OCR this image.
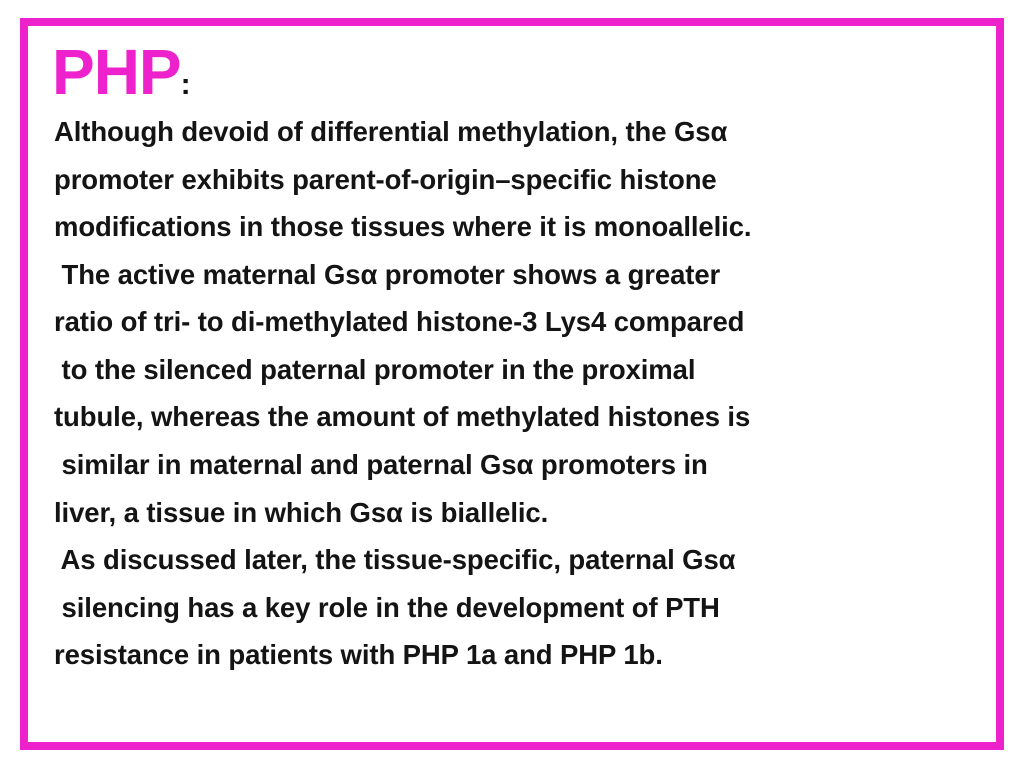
PHP:

Although devoid of differential methylation, the Gsα

promoter exhibits parent-of-origin–specific histone

modifications in those tissues where it is monoallelic.

The active maternal Gsα promoter shows a greater

ratio of tri- to di-methylated histone-3 Lys4 compared

to the silenced paternal promoter in the proximal

tubule, whereas the amount of methylated histones is

similar in maternal and paternal Gsα promoters in

liver, a tissue in which Gsα is biallelic.

As discussed later, the tissue-specific, paternal Gsα

silencing has a key role in the development of PTH

resistance in patients with PHP 1a and PHP 1b.
